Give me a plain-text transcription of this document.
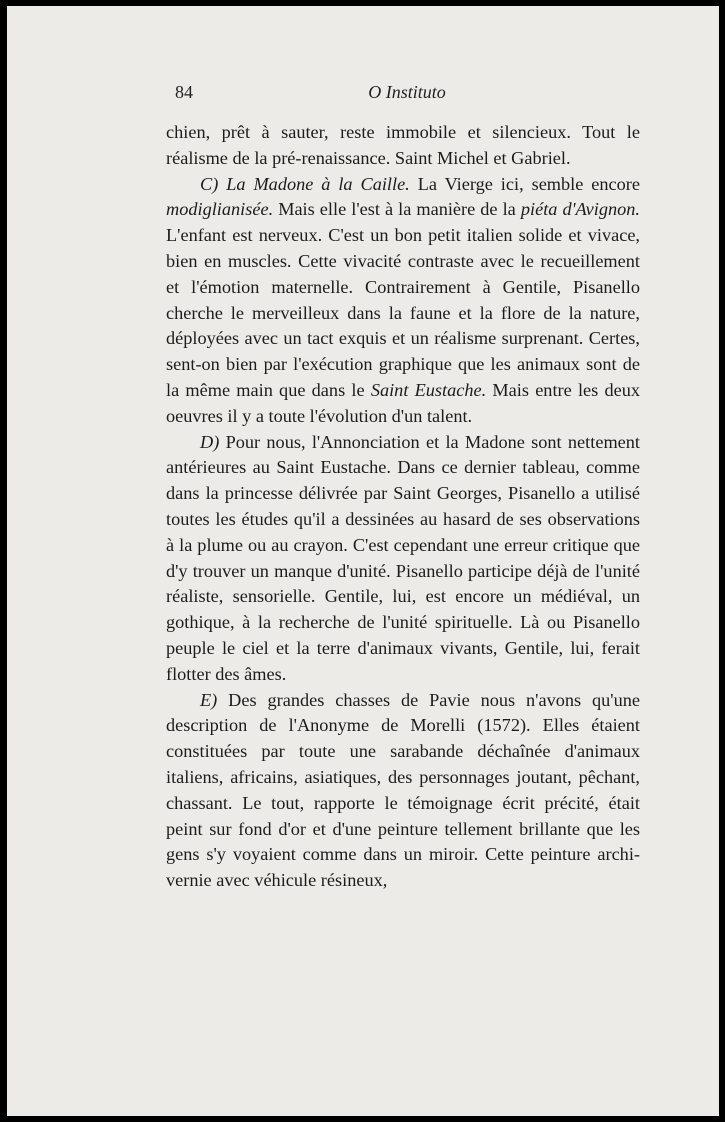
84	O Instituto

chien, prêt à sauter, reste immobile et silencieux. Tout le réalisme de la pré-renaissance. Saint Michel et Gabriel.

C) La Madone à la Caille. La Vierge ici, semble encore modiglianisée. Mais elle l'est à la manière de la piéta d'Avignon. L'enfant est nerveux. C'est un bon petit italien solide et vivace, bien en muscles. Cette vivacité contraste avec le recueillement et l'émotion maternelle. Contrairement à Gentile, Pisanello cherche le merveilleux dans la faune et la flore de la nature, déployées avec un tact exquis et un réalisme surprenant. Certes, sent-on bien par l'exécution graphique que les animaux sont de la même main que dans le Saint Eustache. Mais entre les deux oeuvres il y a toute l'évolution d'un talent.

D) Pour nous, l'Annonciation et la Madone sont nettement antérieures au Saint Eustache. Dans ce dernier tableau, comme dans la princesse délivrée par Saint Georges, Pisanello a utilisé toutes les études qu'il a dessinées au hasard de ses observations à la plume ou au crayon. C'est cependant une erreur critique que d'y trouver un manque d'unité. Pisanello participe déjà de l'unité réaliste, sensorielle. Gentile, lui, est encore un médiéval, un gothique, à la recherche de l'unité spirituelle. Là ou Pisanello peuple le ciel et la terre d'animaux vivants, Gentile, lui, ferait flotter des âmes.

E) Des grandes chasses de Pavie nous n'avons qu'une description de l'Anonyme de Morelli (1572). Elles étaient constituées par toute une sarabande déchaînée d'animaux italiens, africains, asiatiques, des personnages joutant, pêchant, chassant. Le tout, rapporte le témoignage écrit précité, était peint sur fond d'or et d'une peinture tellement brillante que les gens s'y voyaient comme dans un miroir. Cette peinture archi-vernie avec véhicule résineux,
